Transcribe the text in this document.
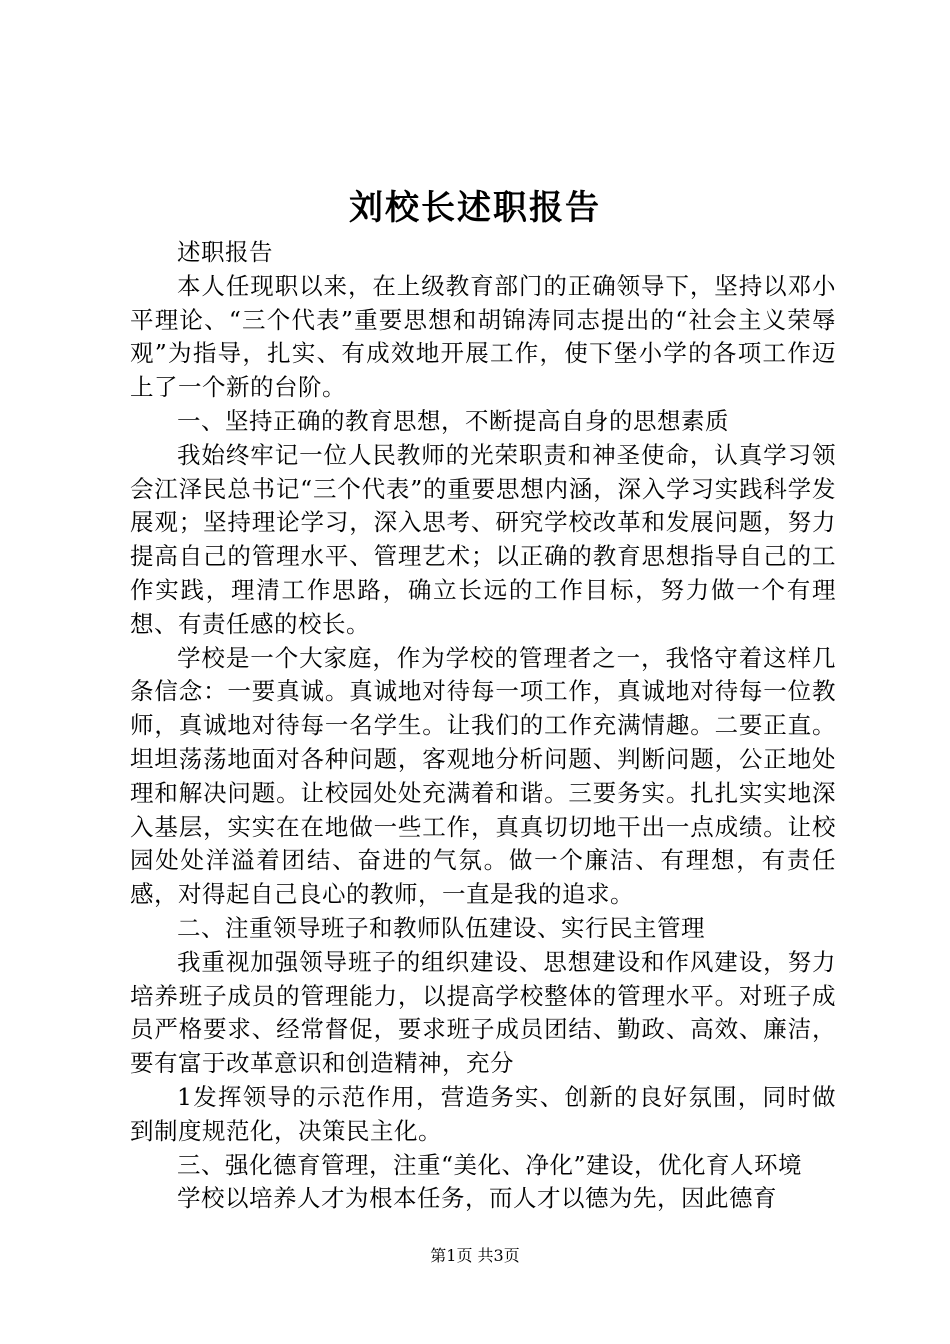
刘校长述职报告

述职报告

本人任现职以来，在上级教育部门的正确领导下，坚持以邓小平理论、“三个代表”重要思想和胡锦涛同志提出的“社会主义荣辱观”为指导，扎实、有成效地开展工作，使下堡小学的各项工作迈上了一个新的台阶。

一、坚持正确的教育思想，不断提高自身的思想素质

我始终牢记一位人民教师的光荣职责和神圣使命，认真学习领会江泽民总书记“三个代表”的重要思想内涵，深入学习实践科学发展观；坚持理论学习，深入思考、研究学校改革和发展问题，努力提高自己的管理水平、管理艺术；以正确的教育思想指导自己的工作实践，理清工作思路，确立长远的工作目标，努力做一个有理想、有责任感的校长。

学校是一个大家庭，作为学校的管理者之一，我恪守着这样几条信念：一要真诚。真诚地对待每一项工作，真诚地对待每一位教师，真诚地对待每一名学生。让我们的工作充满情趣。二要正直。坦坦荡荡地面对各种问题，客观地分析问题、判断问题，公正地处理和解决问题。让校园处处充满着和谐。三要务实。扎扎实实地深入基层，实实在在地做一些工作，真真切切地干出一点成绩。让校园处处洋溢着团结、奋进的气氛。做一个廉洁、有理想，有责任感，对得起自己良心的教师，一直是我的追求。

二、注重领导班子和教师队伍建设、实行民主管理

我重视加强领导班子的组织建设、思想建设和作风建设，努力培养班子成员的管理能力，以提高学校整体的管理水平。对班子成员严格要求、经常督促，要求班子成员团结、勤政、高效、廉洁，要有富于改革意识和创造精神，充分

1发挥领导的示范作用，营造务实、创新的良好氛围，同时做到制度规范化，决策民主化。

三、强化德育管理，注重“美化、净化”建设，优化育人环境

学校以培养人才为根本任务，而人才以德为先，因此德育

第1页 共3页
